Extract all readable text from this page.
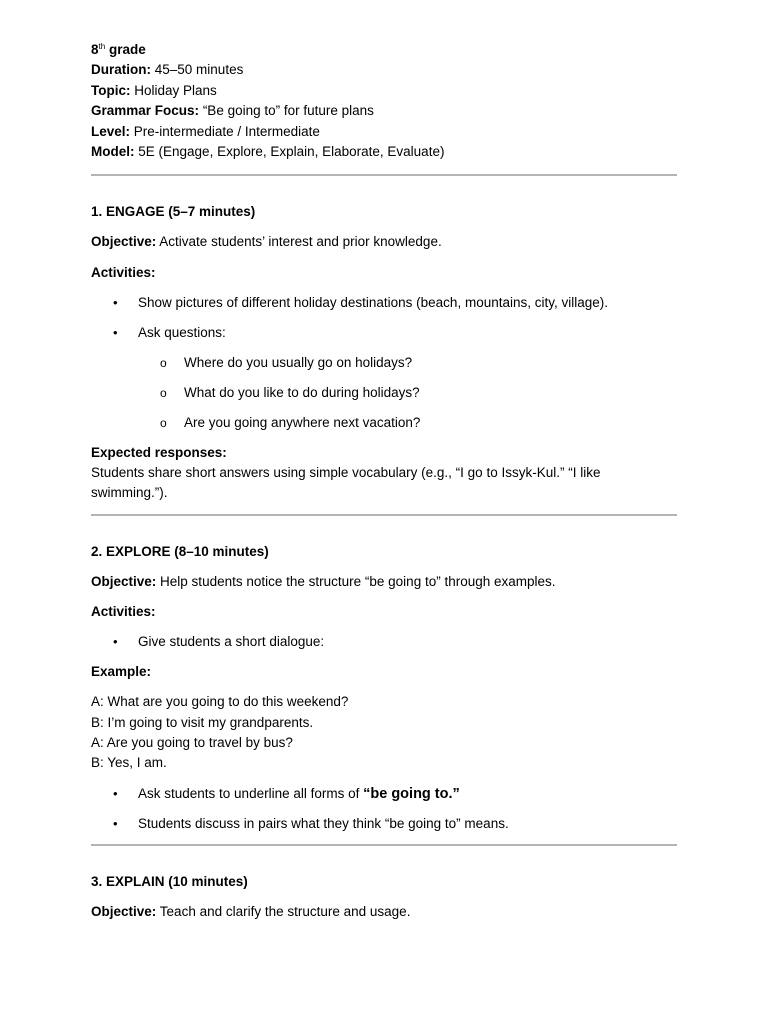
8th grade
Duration: 45–50 minutes
Topic: Holiday Plans
Grammar Focus: “Be going to” for future plans
Level: Pre-intermediate / Intermediate
Model: 5E (Engage, Explore, Explain, Elaborate, Evaluate)
1. ENGAGE (5–7 minutes)
Objective: Activate students’ interest and prior knowledge.
Activities:
• Show pictures of different holiday destinations (beach, mountains, city, village).
• Ask questions:
o Where do you usually go on holidays?
o What do you like to do during holidays?
o Are you going anywhere next vacation?
Expected responses:
Students share short answers using simple vocabulary (e.g., “I go to Issyk-Kul.” “I like swimming.”).
2. EXPLORE (8–10 minutes)
Objective: Help students notice the structure “be going to” through examples.
Activities:
• Give students a short dialogue:
Example:
A: What are you going to do this weekend?
B: I’m going to visit my grandparents.
A: Are you going to travel by bus?
B: Yes, I am.
• Ask students to underline all forms of “be going to.”
• Students discuss in pairs what they think “be going to” means.
3. EXPLAIN (10 minutes)
Objective: Teach and clarify the structure and usage.
